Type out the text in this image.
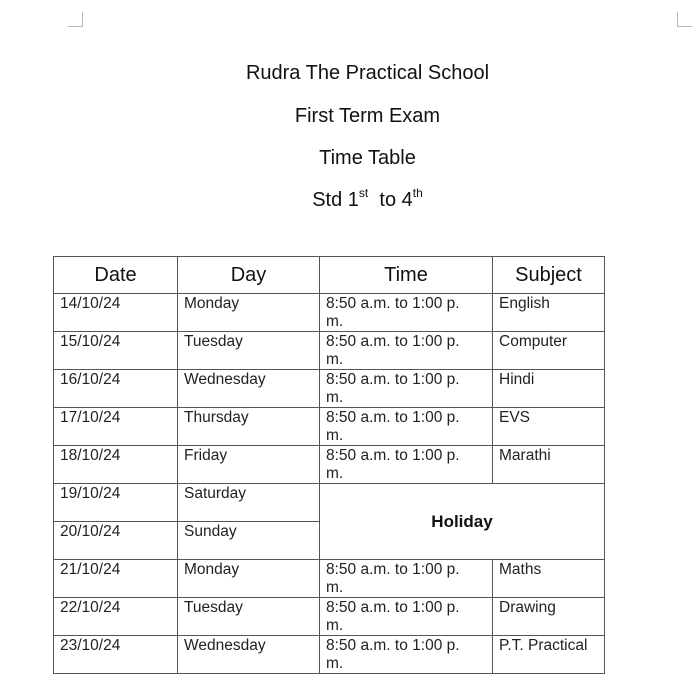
Rudra The Practical School
First Term Exam
Time Table
Std 1st to 4th
Date	Day	Time	Subject

14/10/24	Monday	8:50 a.m. to 1:00 p. m.	English

15/10/24	Tuesday	8:50 a.m. to 1:00 p. m.	Computer

16/10/24	Wednesday	8:50 a.m. to 1:00 p. m.	Hindi

17/10/24	Thursday	8:50 a.m. to 1:00 p. m.	EVS

18/10/24	Friday	8:50 a.m. to 1:00 p. m.	Marathi

19/10/24	Saturday	Holiday	

20/10/24	Sunday		

21/10/24	Monday	8:50 a.m. to 1:00 p. m.	Maths

22/10/24	Tuesday	8:50 a.m. to 1:00 p. m.	Drawing

23/10/24	Wednesday	8:50 a.m. to 1:00 p. m.	P.T. Practical
